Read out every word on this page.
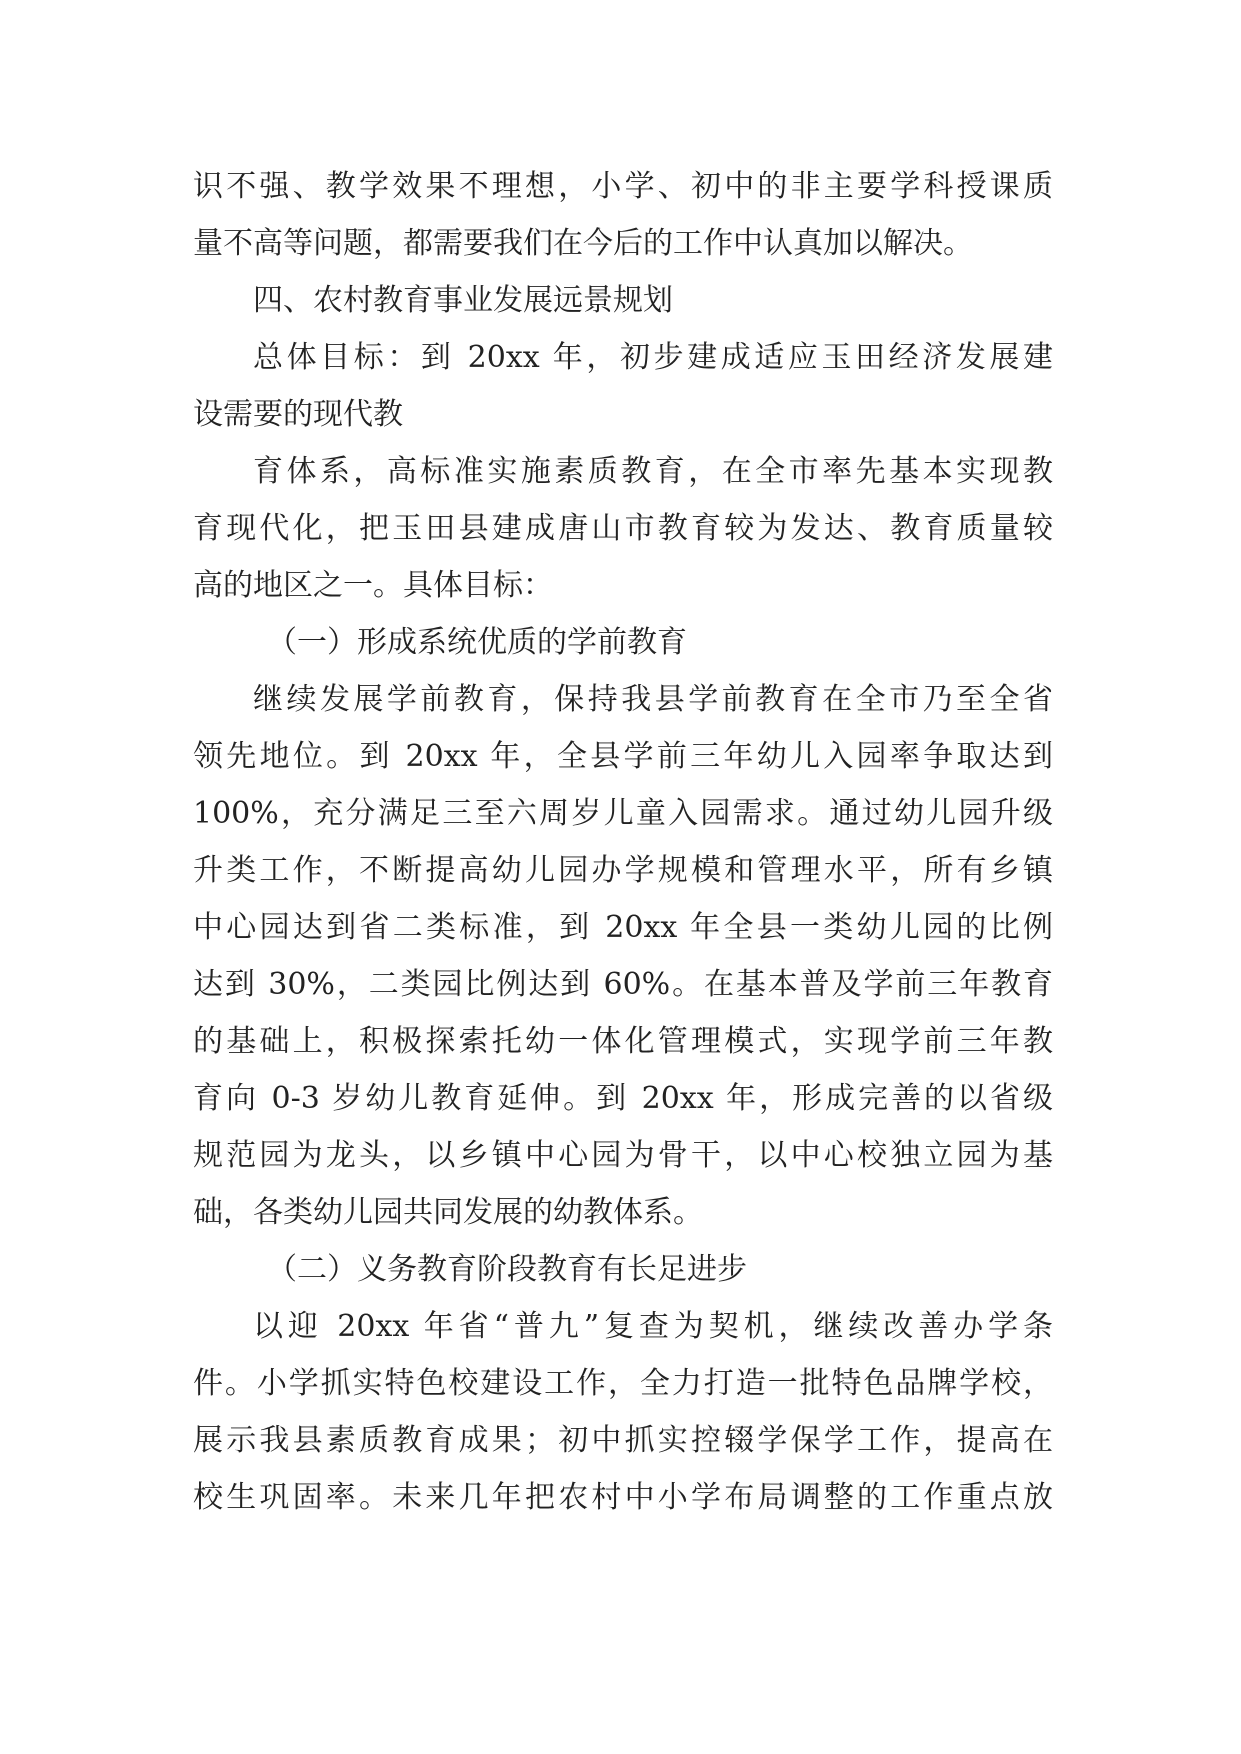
识不强、教学效果不理想，小学、初中的非主要学科授课质
量不高等问题，都需要我们在今后的工作中认真加以解决。
四、农村教育事业发展远景规划
总体目标：到 20xx 年，初步建成适应玉田经济发展建
设需要的现代教
育体系，高标准实施素质教育，在全市率先基本实现教
育现代化，把玉田县建成唐山市教育较为发达、教育质量较
高的地区之一。具体目标：
（一）形成系统优质的学前教育
继续发展学前教育，保持我县学前教育在全市乃至全省
领先地位。到 20xx 年，全县学前三年幼儿入园率争取达到
100%，充分满足三至六周岁儿童入园需求。通过幼儿园升级
升类工作，不断提高幼儿园办学规模和管理水平，所有乡镇
中心园达到省二类标准，到 20xx 年全县一类幼儿园的比例
达到 30%，二类园比例达到 60%。在基本普及学前三年教育
的基础上，积极探索托幼一体化管理模式，实现学前三年教
育向 0-3 岁幼儿教育延伸。到 20xx 年，形成完善的以省级
规范园为龙头，以乡镇中心园为骨干，以中心校独立园为基
础，各类幼儿园共同发展的幼教体系。
（二）义务教育阶段教育有长足进步
以迎 20xx 年省“普九”复查为契机，继续改善办学条
件。小学抓实特色校建设工作，全力打造一批特色品牌学校，
展示我县素质教育成果；初中抓实控辍学保学工作，提高在
校生巩固率。未来几年把农村中小学布局调整的工作重点放
